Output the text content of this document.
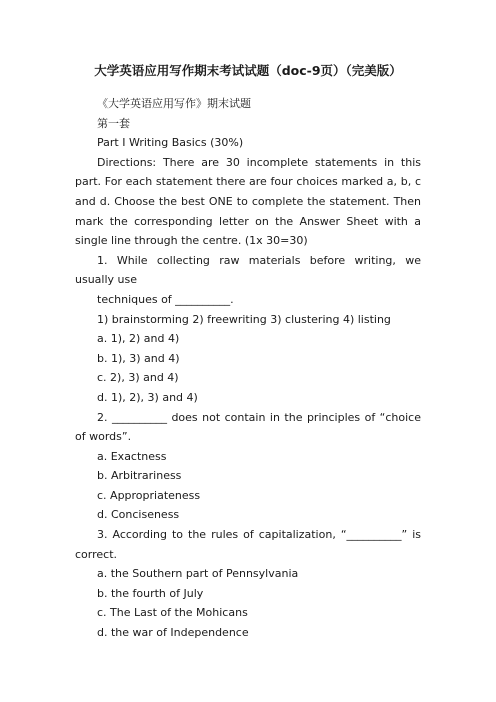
大学英语应用写作期末考试试题（doc-9页）（完美版）

《大学英语应用写作》期末试题

第一套

Part I Writing Basics (30%)

Directions: There are 30 incomplete statements in this part. For each statement there are four choices marked a, b, c and d. Choose the best ONE to complete the statement. Then mark the corresponding letter on the Answer Sheet with a single line through the centre. (1x 30=30)

1. While collecting raw materials before writing, we usually use

techniques of __________.

1) brainstorming 2) freewriting 3) clustering 4) listing

a. 1), 2) and 4)

b. 1), 3) and 4)

c. 2), 3) and 4)

d. 1), 2), 3) and 4)

2. __________ does not contain in the principles of “choice of words”.

a. Exactness

b. Arbitrariness

c. Appropriateness

d. Conciseness

3. According to the rules of capitalization, “__________” is correct.

a. the Southern part of Pennsylvania

b. the fourth of July

c. The Last of the Mohicans

d. the war of Independence
